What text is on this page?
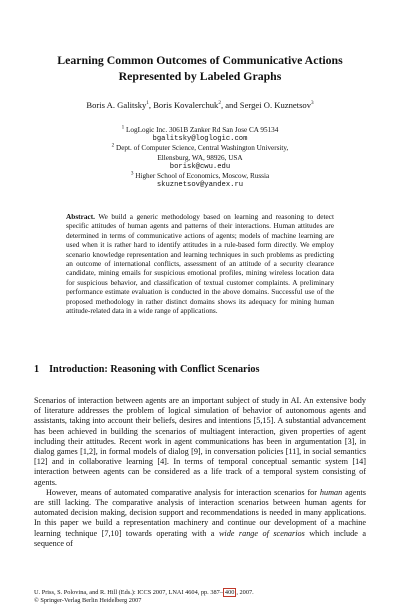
Learning Common Outcomes of Communicative Actions
Represented by Labeled Graphs
Boris A. Galitsky$^1$, Boris Kovalerchuk$^2$, and Sergei O. Kuznetsov$^3$
$^1$ LogLogic Inc. 3061B Zanker Rd San Jose CA 95134
bgalitsky@loglogic.com
$^2$ Dept. of Computer Science, Central Washington University,
Ellensburg, WA, 98926, USA
borisk@cwu.edu
$^3$ Higher School of Economics, Moscow, Russia
skuznetsov@yandex.ru
Abstract. We build a generic methodology based on learning and reasoning to detect specific attitudes of human agents and patterns of their interactions. Human attitudes are determined in terms of communicative actions of agents; models of machine learning are used when it is rather hard to identify attitudes in a rule-based form directly. We employ scenario knowledge representation and learning techniques in such problems as predicting an outcome of international conflicts, assessment of an attitude of a security clearance candidate, mining emails for suspicious emotional profiles, mining wireless location data for suspicious behavior, and classification of textual customer complaints. A preliminary performance estimate evaluation is conducted in the above domains. Successful use of the proposed methodology in rather distinct domains shows its adequacy for mining human attitude-related data in a wide range of applications.
1 Introduction: Reasoning with Conflict Scenarios

Scenarios of interaction between agents are an important subject of study in AI. An extensive body of literature addresses the problem of logical simulation of behavior of autonomous agents and assistants, taking into account their beliefs, desires and intentions [5,15]. A substantial advancement has been achieved in building the scenarios of multiagent interaction, given properties of agent including their attitudes. Recent work in agent communications has been in argumentation [3], in dialog games [1,2], in formal models of dialog [9], in conversation policies [11], in social semantics [12] and in collaborative learning [4]. In terms of temporal conceptual semantic system [14] interaction between agents can be considered as a life track of a temporal system consisting of agents.

However, means of automated comparative analysis for interaction scenarios for human agents are still lacking. The comparative analysis of interaction scenarios between human agents for automated decision making, decision support and recommendations is needed in many applications. In this paper we build a representation machinery and continue our development of a machine learning technique [7,10] towards operating with a wide range of scenarios which include a sequence of

U. Priss, S. Polovina, and R. Hill (Eds.): ICCS 2007, LNAI 4604, pp. 387– 400 , 2007.
© Springer-Verlag Berlin Heidelberg 2007
